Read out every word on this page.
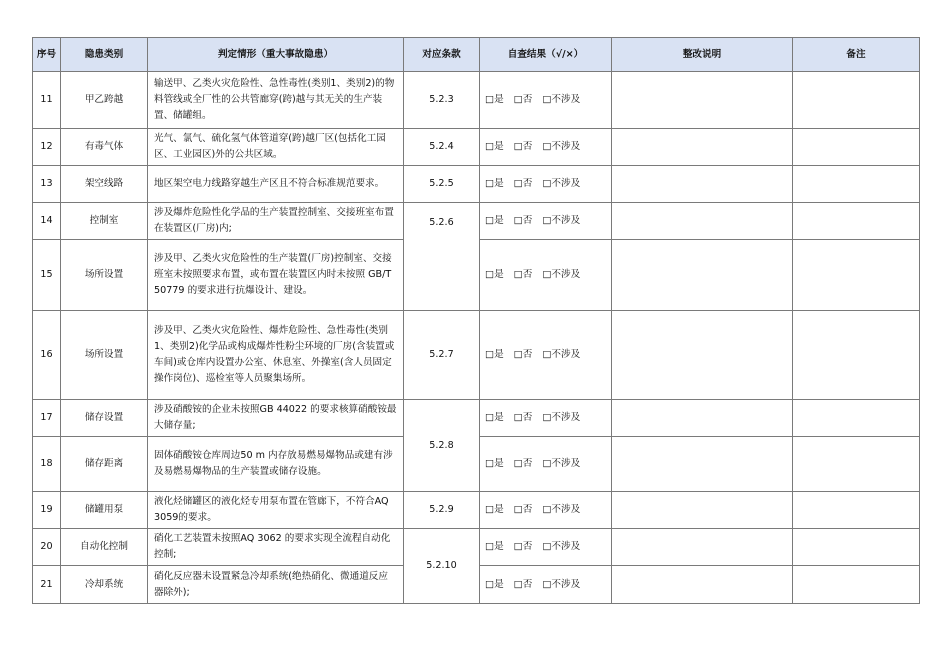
序号	隐患类别	判定情形（重大事故隐患）	对应条款	自查结果（√/×）	整改说明	备注
11	甲乙跨越	输送甲、乙类火灾危险性、急性毒性(类别1、类别2)的物料管线或全厂性的公共管廊穿(跨)越与其无关的生产装置、储罐组。	5.2.3	□是 □否 □不涉及		
12	有毒气体	光气、氯气、硫化氢气体管道穿(跨)越厂区(包括化工园区、工业园区)外的公共区域。	5.2.4	□是 □否 □不涉及		
13	架空线路	地区架空电力线路穿越生产区且不符合标准规范要求。	5.2.5	□是 □否 □不涉及		
14	控制室	涉及爆炸危险性化学品的生产装置控制室、交接班室布置在装置区(厂房)内;	5.2.6	□是 □否 □不涉及		
15	场所设置	涉及甲、乙类火灾危险性的生产装置(厂房)控制室、交接班室未按照要求布置，或布置在装置区内时未按照 GB/T 50779 的要求进行抗爆设计、建设。		□是 □否 □不涉及		
16	场所设置	涉及甲、乙类火灾危险性、爆炸危险性、急性毒性(类别1、类别2)化学品或构成爆炸性粉尘环境的厂房(含装置或车间)或仓库内设置办公室、休息室、外操室(含人员固定操作岗位)、巡检室等人员聚集场所。	5.2.7	□是 □否 □不涉及		
17	储存设置	涉及硝酸铵的企业未按照GB 44022 的要求核算硝酸铵最大储存量;	5.2.8	□是 □否 □不涉及		
18	储存距离	固体硝酸铵仓库周边50 m 内存放易燃易爆物品或建有涉及易燃易爆物品的生产装置或储存设施。		□是 □否 □不涉及		
19	储罐用泵	液化烃储罐区的液化烃专用泵布置在管廊下，不符合AQ 3059的要求。	5.2.9	□是 □否 □不涉及		
20	自动化控制	硝化工艺装置未按照AQ 3062 的要求实现全流程自动化控制;	5.2.10	□是 □否 □不涉及		
21	冷却系统	硝化反应器未设置紧急冷却系统(绝热硝化、微通道反应器除外);		□是 □否 □不涉及		
